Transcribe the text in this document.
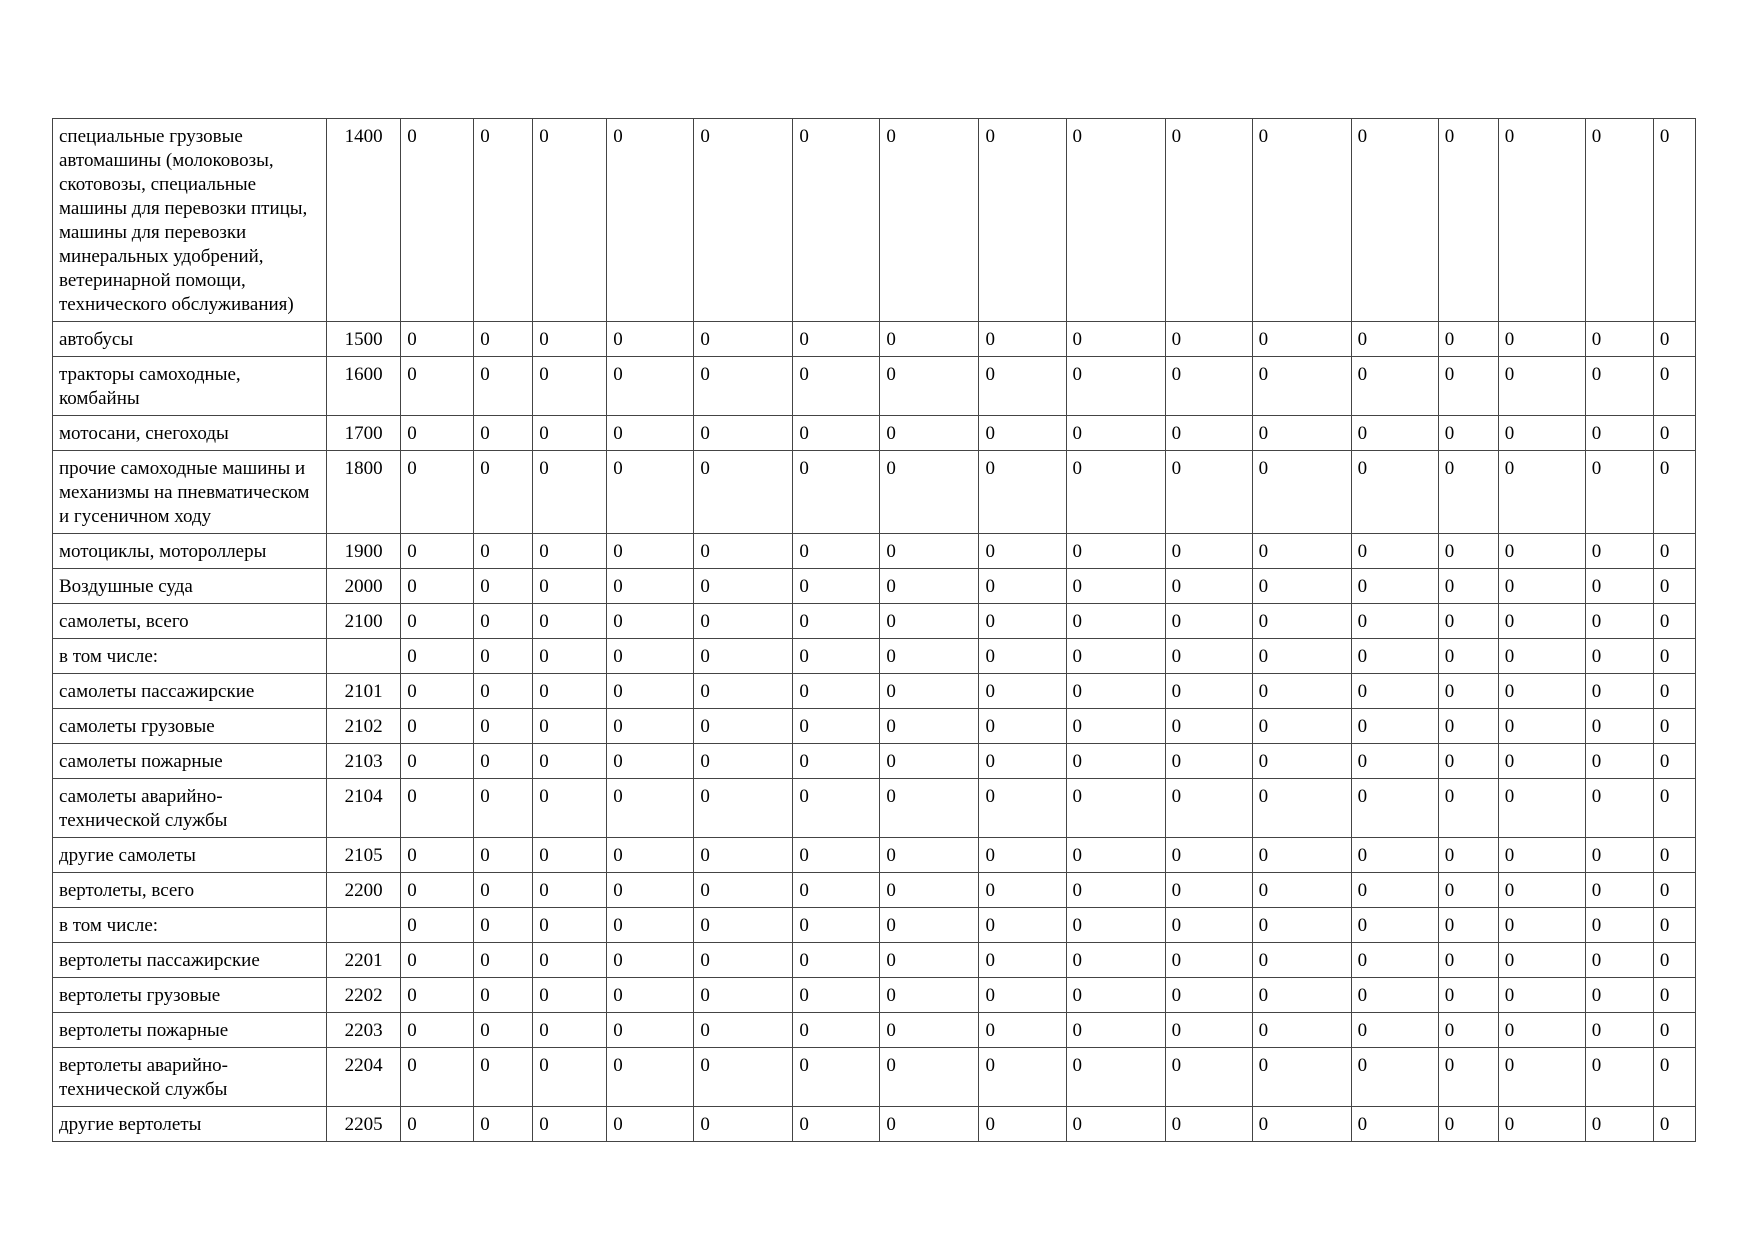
специальные грузовые автомашины (молоковозы, скотовозы, специальные машины для перевозки птицы, машины для перевозки минеральных удобрений, ветеринарной помощи, технического обслуживания)	1400	0	0	0	0	0	0	0	0	0	0	0	0	0	0	0	0
автобусы	1500	0	0	0	0	0	0	0	0	0	0	0	0	0	0	0	0
тракторы самоходные, комбайны	1600	0	0	0	0	0	0	0	0	0	0	0	0	0	0	0	0
мотосани, снегоходы	1700	0	0	0	0	0	0	0	0	0	0	0	0	0	0	0	0
прочие самоходные машины и механизмы на пневматическом и гусеничном ходу	1800	0	0	0	0	0	0	0	0	0	0	0	0	0	0	0	0
мотоциклы, мотороллеры	1900	0	0	0	0	0	0	0	0	0	0	0	0	0	0	0	0
Воздушные суда	2000	0	0	0	0	0	0	0	0	0	0	0	0	0	0	0	0
самолеты, всего	2100	0	0	0	0	0	0	0	0	0	0	0	0	0	0	0	0
в том числе:		0	0	0	0	0	0	0	0	0	0	0	0	0	0	0	0
самолеты пассажирские	2101	0	0	0	0	0	0	0	0	0	0	0	0	0	0	0	0
самолеты грузовые	2102	0	0	0	0	0	0	0	0	0	0	0	0	0	0	0	0
самолеты пожарные	2103	0	0	0	0	0	0	0	0	0	0	0	0	0	0	0	0
самолеты аварийно-технической службы	2104	0	0	0	0	0	0	0	0	0	0	0	0	0	0	0	0
другие самолеты	2105	0	0	0	0	0	0	0	0	0	0	0	0	0	0	0	0
вертолеты, всего	2200	0	0	0	0	0	0	0	0	0	0	0	0	0	0	0	0
в том числе:		0	0	0	0	0	0	0	0	0	0	0	0	0	0	0	0
вертолеты пассажирские	2201	0	0	0	0	0	0	0	0	0	0	0	0	0	0	0	0
вертолеты грузовые	2202	0	0	0	0	0	0	0	0	0	0	0	0	0	0	0	0
вертолеты пожарные	2203	0	0	0	0	0	0	0	0	0	0	0	0	0	0	0	0
вертолеты аварийно-технической службы	2204	0	0	0	0	0	0	0	0	0	0	0	0	0	0	0	0
другие вертолеты	2205	0	0	0	0	0	0	0	0	0	0	0	0	0	0	0	0
